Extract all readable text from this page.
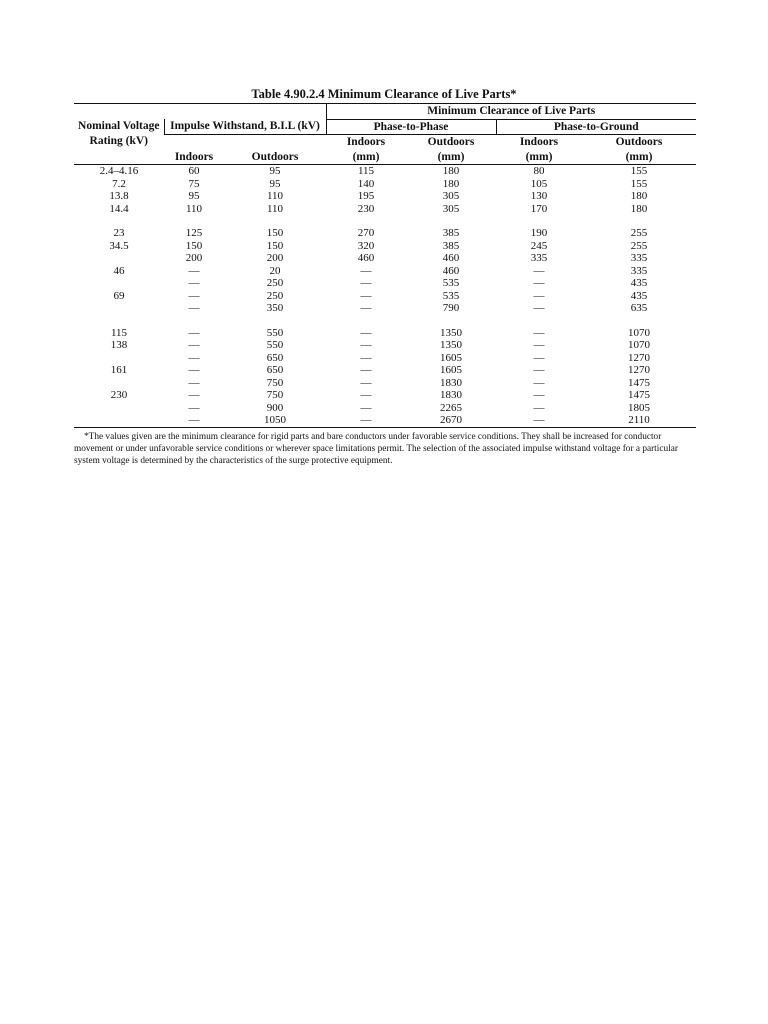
Table 4.90.2.4 Minimum Clearance of Live Parts*
			Minimum Clearance of Live Parts			

Nominal Voltage Rating (kV)	Impulse Withstand, B.I.L (kV)		Phase-to-Phase		Phase-to-Ground	
	Indoors	Outdoors	Indoors (mm)	Outdoors (mm)	Indoors (mm)	Outdoors (mm)

2.4–4.16	60	95	115	180	80	155
7.2	75	95	140	180	105	155
13.8	95	110	195	305	130	180
14.4	110	110	230	305	170	180

23	125	150	270	385	190	255
34.5	150	150	320	385	245	255
	200	200	460	460	335	335
46	—	20	—	460	—	335
	—	250	—	535	—	435
69	—	250	—	535	—	435
	—	350	—	790	—	635

115	—	550	—	1350	—	1070
138	—	550	—	1350	—	1070
	—	650	—	1605	—	1270
161	—	650	—	1605	—	1270
	—	750	—	1830	—	1475
230	—	750	—	1830	—	1475
	—	900	—	2265	—	1805
	—	1050	—	2670	—	2110
*The values given are the minimum clearance for rigid parts and bare conductors under favorable service conditions. They shall be increased for conductor movement or under unfavorable service conditions or wherever space limitations permit. The selection of the associated impulse withstand voltage for a particular system voltage is determined by the characteristics of the surge protective equipment.
